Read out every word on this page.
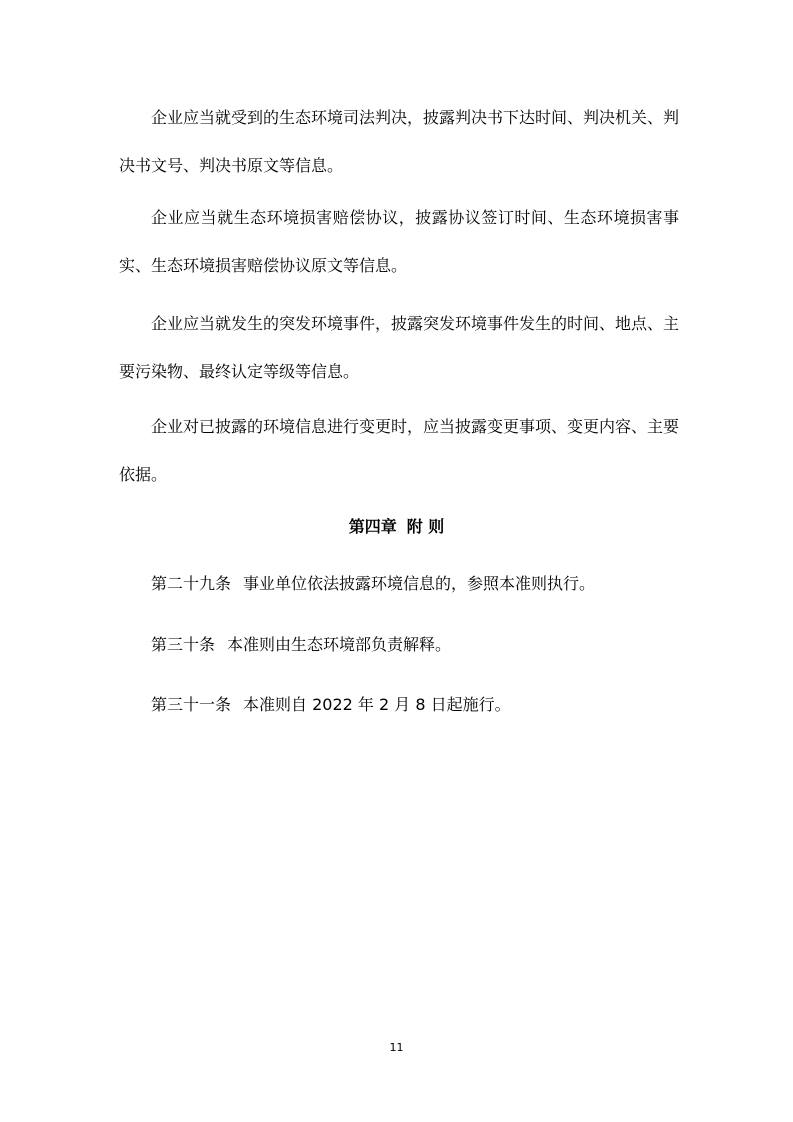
企业应当就受到的生态环境司法判决，披露判决书下达时间、判决机关、判决书文号、判决书原文等信息。

企业应当就生态环境损害赔偿协议，披露协议签订时间、生态环境损害事实、生态环境损害赔偿协议原文等信息。

企业应当就发生的突发环境事件，披露突发环境事件发生的时间、地点、主要污染物、最终认定等级等信息。

企业对已披露的环境信息进行变更时，应当披露变更事项、变更内容、主要依据。

第四章 附 则

第二十九条 事业单位依法披露环境信息的，参照本准则执行。

第三十条 本准则由生态环境部负责解释。

第三十一条 本准则自 2022 年 2 月 8 日起施行。

11
